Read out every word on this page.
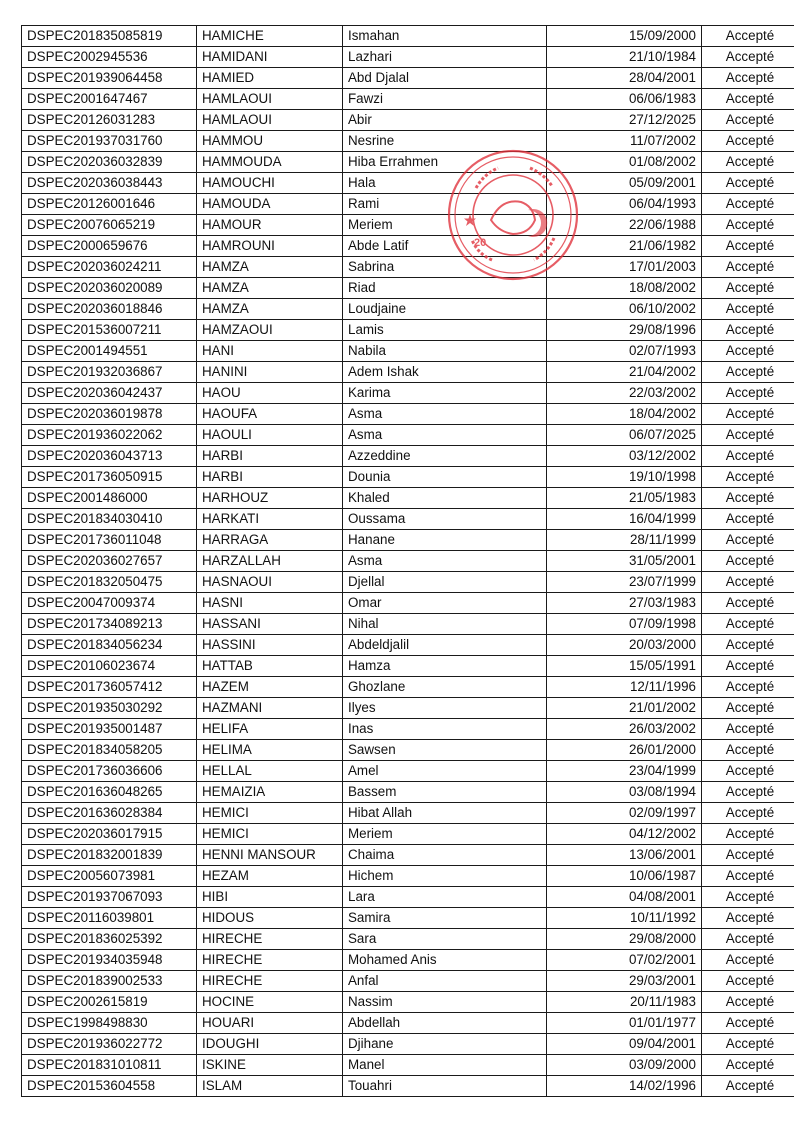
DSPEC201835085819	HAMICHE	Ismahan	15/09/2000	Accepté
DSPEC2002945536	HAMIDANI	Lazhari	21/10/1984	Accepté
DSPEC201939064458	HAMIED	Abd Djalal	28/04/2001	Accepté
DSPEC2001647467	HAMLAOUI	Fawzi	06/06/1983	Accepté
DSPEC20126031283	HAMLAOUI	Abir	27/12/2025	Accepté
DSPEC201937031760	HAMMOU	Nesrine	11/07/2002	Accepté
DSPEC202036032839	HAMMOUDA	Hiba Errahmen	01/08/2002	Accepté
DSPEC202036038443	HAMOUCHI	Hala	05/09/2001	Accepté
DSPEC20126001646	HAMOUDA	Rami	06/04/1993	Accepté
DSPEC20076065219	HAMOUR	Meriem	22/06/1988	Accepté
DSPEC2000659676	HAMROUNI	Abde Latif	21/06/1982	Accepté
DSPEC202036024211	HAMZA	Sabrina	17/01/2003	Accepté
DSPEC202036020089	HAMZA	Riad	18/08/2002	Accepté
DSPEC202036018846	HAMZA	Loudjaine	06/10/2002	Accepté
DSPEC201536007211	HAMZAOUI	Lamis	29/08/1996	Accepté
DSPEC2001494551	HANI	Nabila	02/07/1993	Accepté
DSPEC201932036867	HANINI	Adem Ishak	21/04/2002	Accepté
DSPEC202036042437	HAOU	Karima	22/03/2002	Accepté
DSPEC202036019878	HAOUFA	Asma	18/04/2002	Accepté
DSPEC201936022062	HAOULI	Asma	06/07/2025	Accepté
DSPEC202036043713	HARBI	Azzeddine	03/12/2002	Accepté
DSPEC201736050915	HARBI	Dounia	19/10/1998	Accepté
DSPEC2001486000	HARHOUZ	Khaled	21/05/1983	Accepté
DSPEC201834030410	HARKATI	Oussama	16/04/1999	Accepté
DSPEC201736011048	HARRAGA	Hanane	28/11/1999	Accepté
DSPEC202036027657	HARZALLAH	Asma	31/05/2001	Accepté
DSPEC201832050475	HASNAOUI	Djellal	23/07/1999	Accepté
DSPEC20047009374	HASNI	Omar	27/03/1983	Accepté
DSPEC201734089213	HASSANI	Nihal	07/09/1998	Accepté
DSPEC201834056234	HASSINI	Abdeldjalil	20/03/2000	Accepté
DSPEC20106023674	HATTAB	Hamza	15/05/1991	Accepté
DSPEC201736057412	HAZEM	Ghozlane	12/11/1996	Accepté
DSPEC201935030292	HAZMANI	Ilyes	21/01/2002	Accepté
DSPEC201935001487	HELIFA	Inas	26/03/2002	Accepté
DSPEC201834058205	HELIMA	Sawsen	26/01/2000	Accepté
DSPEC201736036606	HELLAL	Amel	23/04/1999	Accepté
DSPEC201636048265	HEMAIZIA	Bassem	03/08/1994	Accepté
DSPEC201636028384	HEMICI	Hibat Allah	02/09/1997	Accepté
DSPEC202036017915	HEMICI	Meriem	04/12/2002	Accepté
DSPEC201832001839	HENNI MANSOUR	Chaima	13/06/2001	Accepté
DSPEC20056073981	HEZAM	Hichem	10/06/1987	Accepté
DSPEC201937067093	HIBI	Lara	04/08/2001	Accepté
DSPEC20116039801	HIDOUS	Samira	10/11/1992	Accepté
DSPEC201836025392	HIRECHE	Sara	29/08/2000	Accepté
DSPEC201934035948	HIRECHE	Mohamed Anis	07/02/2001	Accepté
DSPEC201839002533	HIRECHE	Anfal	29/03/2001	Accepté
DSPEC2002615819	HOCINE	Nassim	20/11/1983	Accepté
DSPEC1998498830	HOUARI	Abdellah	01/01/1977	Accepté
DSPEC201936022772	IDOUGHI	Djihane	09/04/2001	Accepté
DSPEC201831010811	ISKINE	Manel	03/09/2000	Accepté
DSPEC20153604558	ISLAM	Touahri	14/02/1996	Accepté
20
